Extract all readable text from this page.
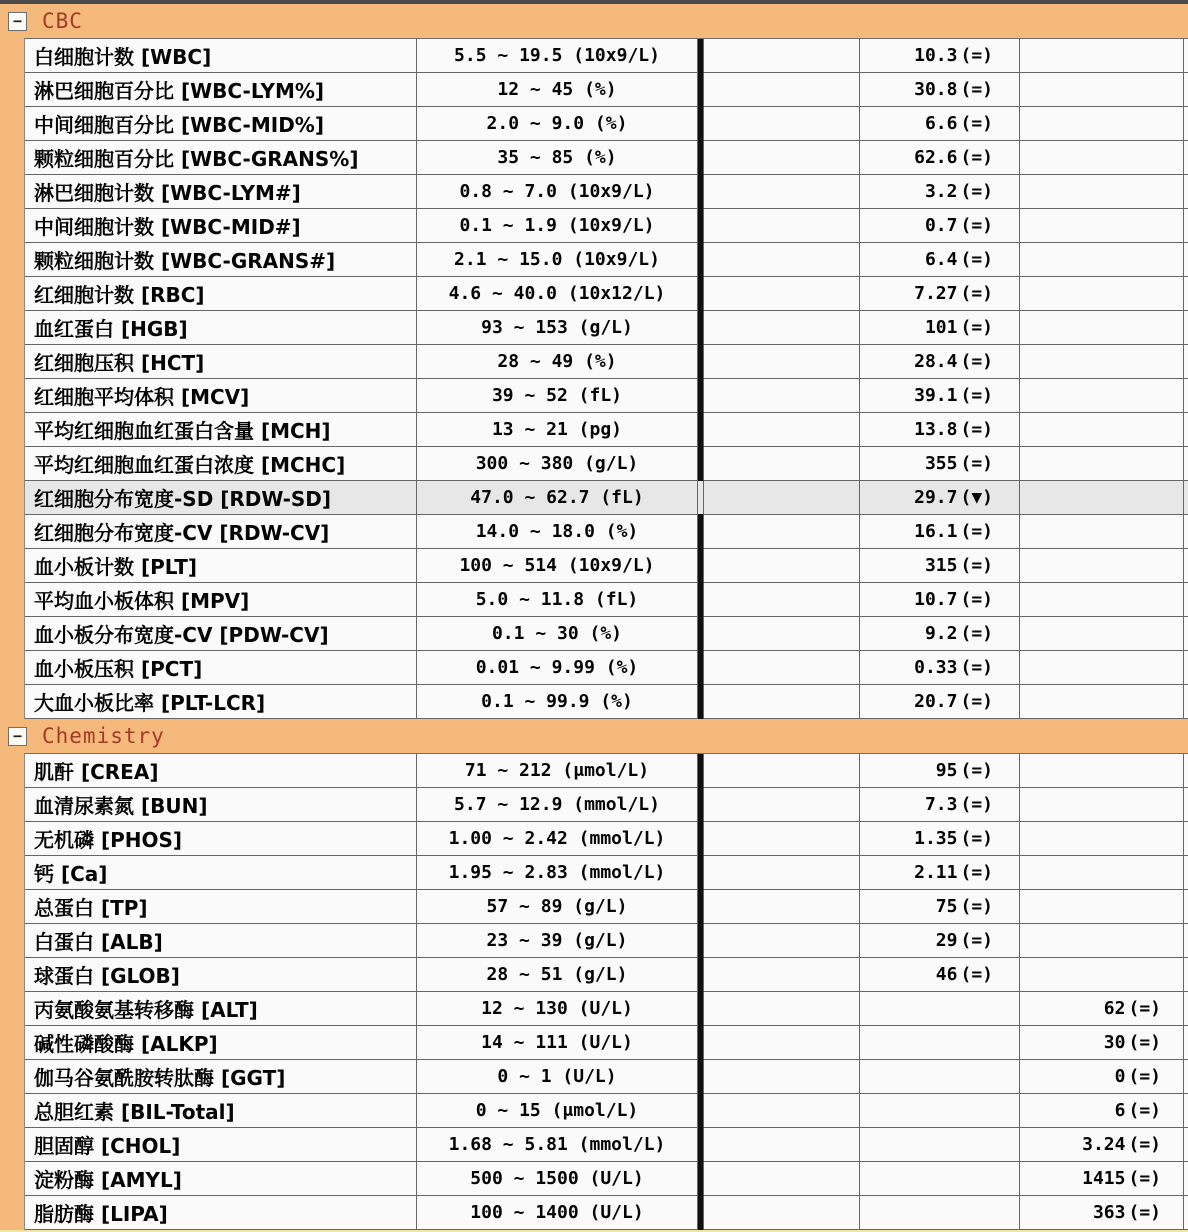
− CBC
白细胞计数 [WBC]	5.5 ~ 19.5 (10x9/L)	10.3 (=)
淋巴细胞百分比 [WBC-LYM%]	12 ~ 45 (%)	30.8 (=)
中间细胞百分比 [WBC-MID%]	2.0 ~ 9.0 (%)	6.6 (=)
颗粒细胞百分比 [WBC-GRANS%]	35 ~ 85 (%)	62.6 (=)
淋巴细胞计数 [WBC-LYM#]	0.8 ~ 7.0 (10x9/L)	3.2 (=)
中间细胞计数 [WBC-MID#]	0.1 ~ 1.9 (10x9/L)	0.7 (=)
颗粒细胞计数 [WBC-GRANS#]	2.1 ~ 15.0 (10x9/L)	6.4 (=)
红细胞计数 [RBC]	4.6 ~ 40.0 (10x12/L)	7.27 (=)
血红蛋白 [HGB]	93 ~ 153 (g/L)	101 (=)
红细胞压积 [HCT]	28 ~ 49 (%)	28.4 (=)
红细胞平均体积 [MCV]	39 ~ 52 (fL)	39.1 (=)
平均红细胞血红蛋白含量 [MCH]	13 ~ 21 (pg)	13.8 (=)
平均红细胞血红蛋白浓度 [MCHC]	300 ~ 380 (g/L)	355 (=)
红细胞分布宽度-SD [RDW-SD]	47.0 ~ 62.7 (fL)	29.7 (▼)
红细胞分布宽度-CV [RDW-CV]	14.0 ~ 18.0 (%)	16.1 (=)
血小板计数 [PLT]	100 ~ 514 (10x9/L)	315 (=)
平均血小板体积 [MPV]	5.0 ~ 11.8 (fL)	10.7 (=)
血小板分布宽度-CV [PDW-CV]	0.1 ~ 30 (%)	9.2 (=)
血小板压积 [PCT]	0.01 ~ 9.99 (%)	0.33 (=)
大血小板比率 [PLT-LCR]	0.1 ~ 99.9 (%)	20.7 (=)
− Chemistry
肌酐 [CREA]	71 ~ 212 (μmol/L)	95 (=)
血清尿素氮 [BUN]	5.7 ~ 12.9 (mmol/L)	7.3 (=)
无机磷 [PHOS]	1.00 ~ 2.42 (mmol/L)	1.35 (=)
钙 [Ca]	1.95 ~ 2.83 (mmol/L)	2.11 (=)
总蛋白 [TP]	57 ~ 89 (g/L)	75 (=)
白蛋白 [ALB]	23 ~ 39 (g/L)	29 (=)
球蛋白 [GLOB]	28 ~ 51 (g/L)	46 (=)
丙氨酸氨基转移酶 [ALT]	12 ~ 130 (U/L)	62 (=)
碱性磷酸酶 [ALKP]	14 ~ 111 (U/L)	30 (=)
伽马谷氨酰胺转肽酶 [GGT]	0 ~ 1 (U/L)	0 (=)
总胆红素 [BIL-Total]	0 ~ 15 (μmol/L)	6 (=)
胆固醇 [CHOL]	1.68 ~ 5.81 (mmol/L)	3.24 (=)
淀粉酶 [AMYL]	500 ~ 1500 (U/L)	1415 (=)
脂肪酶 [LIPA]	100 ~ 1400 (U/L)	363 (=)
